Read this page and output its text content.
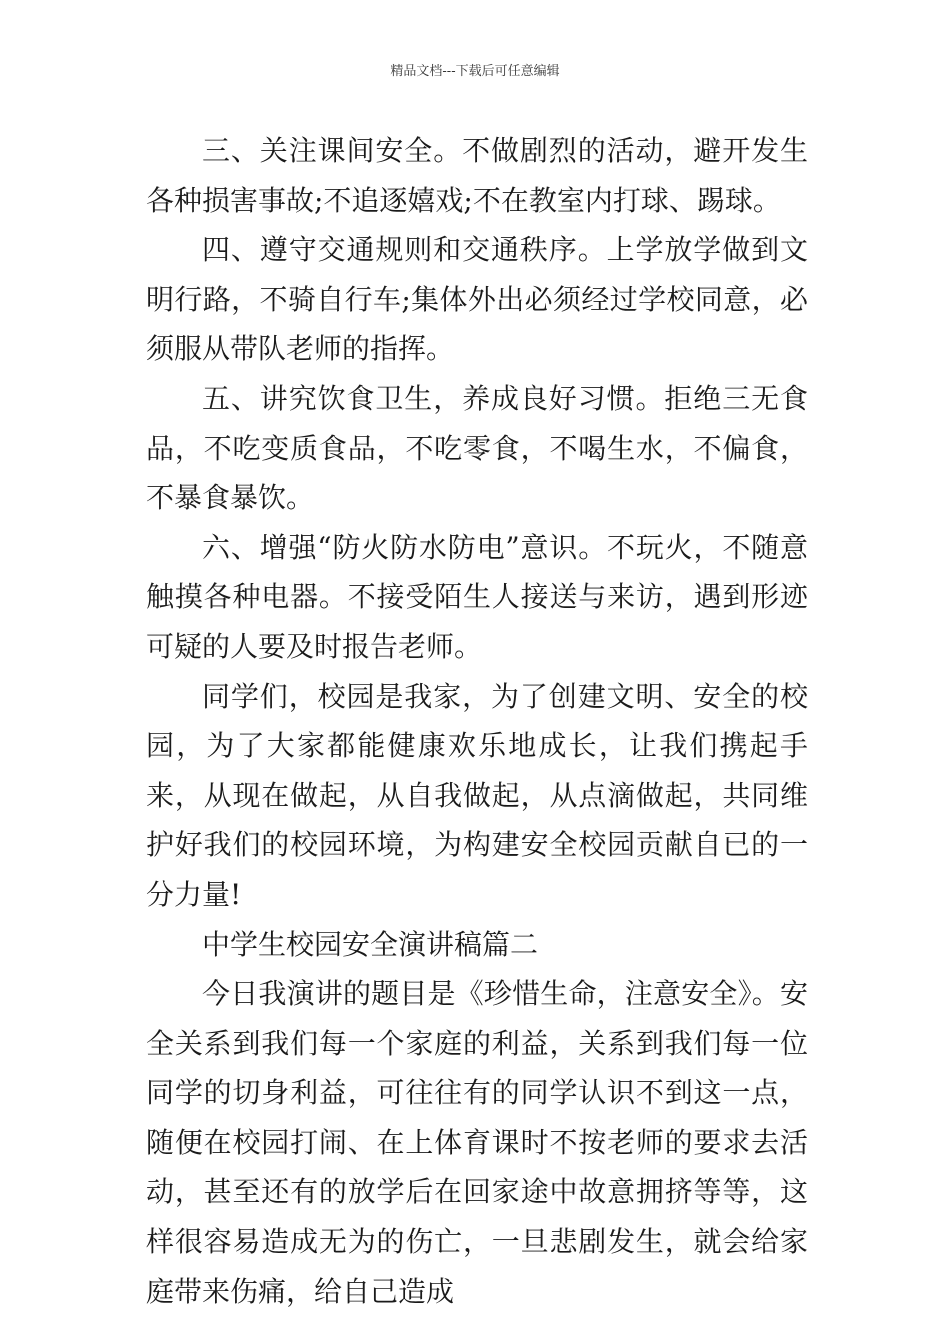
精品文档---下载后可任意编辑

三、关注课间安全。不做剧烈的活动，避开发生各种损害事故;不追逐嬉戏;不在教室内打球、踢球。

四、遵守交通规则和交通秩序。上学放学做到文明行路，不骑自行车;集体外出必须经过学校同意，必须服从带队老师的指挥。

五、讲究饮食卫生，养成良好习惯。拒绝三无食品，不吃变质食品，不吃零食，不喝生水，不偏食，不暴食暴饮。

六、增强“防火防水防电”意识。不玩火，不随意触摸各种电器。不接受陌生人接送与来访，遇到形迹可疑的人要及时报告老师。

同学们，校园是我家，为了创建文明、安全的校园，为了大家都能健康欢乐地成长，让我们携起手来，从现在做起，从自我做起，从点滴做起，共同维护好我们的校园环境，为构建安全校园贡献自已的一分力量!

中学生校园安全演讲稿篇二

今日我演讲的题目是《珍惜生命，注意安全》。安全关系到我们每一个家庭的利益，关系到我们每一位同学的切身利益，可往往有的同学认识不到这一点，随便在校园打闹、在上体育课时不按老师的要求去活动，甚至还有的放学后在回家途中故意拥挤等等，这样很容易造成无为的伤亡，一旦悲剧发生，就会给家庭带来伤痛，给自己造成
